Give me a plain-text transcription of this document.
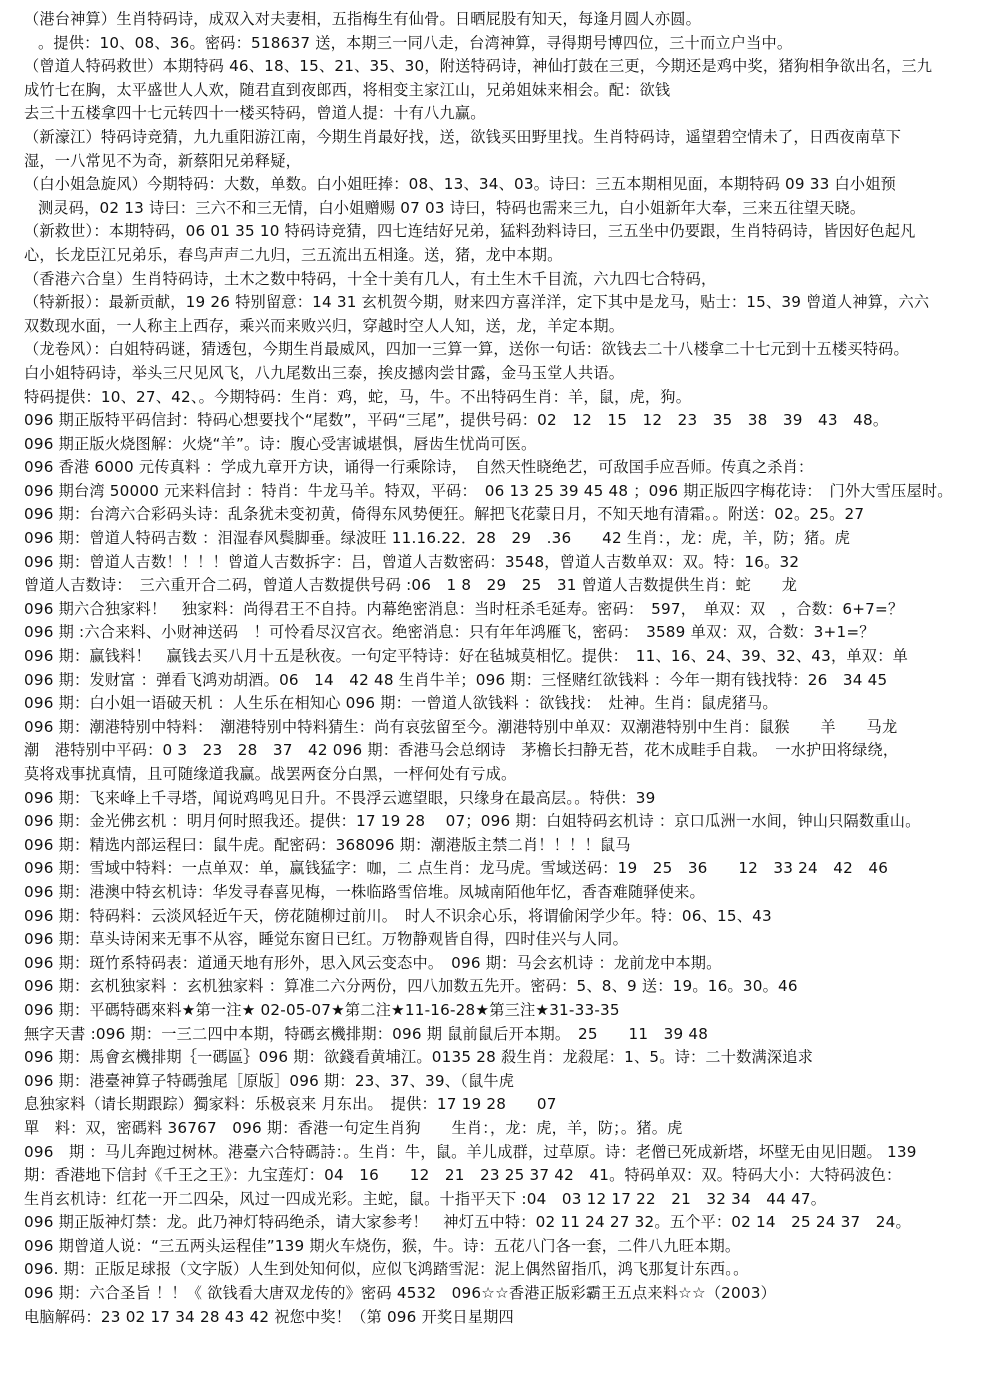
（港台神算）生肖特码诗，成双入对夫妻相，五指梅生有仙骨。日晒屁股有知天，每逢月圆人亦圆。
。提供：10、08、36。密码：518637 送，本期三一同八走，台湾神算，寻得期号博四位，三十而立户当中。
（曾道人特码救世）本期特码 46、18、15、21、35、30，附送特码诗，神仙打鼓在三更，今期还是鸡中奖，猪狗相争欲出名，三九
成竹七在胸，太平盛世人人欢，随君直到夜郎西，将相变主家江山，兄弟姐妹来相会。配：欲钱
去三十五楼拿四十七元转四十一楼买特码，曾道人提：十有八九赢。
（新濠江）特码诗竞猜，九九重阳游江南，今期生肖最好找，送，欲钱买田野里找。生肖特码诗，遥望碧空情未了，日西夜南草下
湿，一八常见不为奇，新蔡阳兄弟释疑，
（白小姐急旋风）今期特码：大数，单数。白小姐旺捧：08、13、34、03。诗曰：三五本期相见面，本期特码 09 33 白小姐预
测灵码，02 13 诗曰：三六不和三无情，白小姐赠赐 07 03 诗曰，特码也需来三九，白小姐新年大奉，三来五往望天晓。
（新救世）：本期特码，06 01 35 10 特码诗竞猜，四七连结好兄弟，猛料劲料诗曰，三五坐中仍要跟，生肖特码诗，皆因好色起凡
心，长龙臣江兄弟乐，春鸟声声二九归，三五流出五相逢。送，猪，龙中本期。
（香港六合皇）生肖特码诗，土木之数中特码，十全十美有几人，有土生木千目流，六九四七合特码，
（特新报）：最新贡献，19 26 特别留意：14 31 玄机贺今期，财来四方喜洋洋，定下其中是龙马，贴士：15、39 曾道人神算，六六
双数现水面，一人称主上西存，乘兴而来败兴归，穿越时空人人知，送，龙，羊定本期。
（龙卷风）：白姐特码谜，猜透包，今期生肖最威风，四加一三算一算，送你一句话：欲钱去二十八楼拿二十七元到十五楼买特码。
白小姐特码诗，举头三尺见风飞，八九尾数出三泰，挨皮撼肉尝甘露，金马玉堂人共语。
特码提供：10、27、42、。今期特码：生肖：鸡，蛇，马，牛。不出特码生肖：羊，鼠，虎，狗。
096 期正版特平码信封：特码心想要找个“尾数”，平码“三尾”，提供号码：02　12　15　12　23　35　38　39　43　48。
096 期正版火烧图解：火烧“羊”。诗：腹心受害诚堪惧，唇齿生忧尚可医。
096 香港 6000 元传真料 ：学成九章开方诀，诵得一行乘除诗，　自然天性晓绝艺，可敌国手应吾师。传真之杀肖：
096 期台湾 50000 元来料信封 ：特肖：牛龙马羊。特双，平码：　06 13 25 39 45 48 ；096 期正版四字梅花诗：　门外大雪压屋时。
096 期：台湾六合彩码头诗：乱条犹未变初黄，倚得东风势便狂。解把飞花蒙日月，不知天地有清霜。。附送：02。25。27
096 期：曾道人特码吉数 ：泪湿春风鬓脚垂。绿波旺 11.16.22．28　29　.36　　42 生肖：，龙：虎，羊，防；猪。虎
096 期：曾道人吉数！！！！曾道人吉数拆字：吕，曾道人吉数密码：3548，曾道人吉数单双：双。特：16。32
曾道人吉数诗：　三六重开合二码，曾道人吉数提供号码 :06　1 8　29　25　31 曾道人吉数提供生肖：蛇　　龙
096 期六合独家料！　独家料：尚得君王不自持。内幕绝密消息：当时枉杀毛延寿。密码：　597，　单双：双　，合数：6+7=？
096 期 :六合来料、小财神送码　！可怜看尽汉宫衣。绝密消息：只有年年鸿雁飞，密码：　3589 单双：双，合数：3+1=？
096 期：赢钱料！　赢钱去买八月十五是秋夜。一句定平特诗：好在毡城莫相忆。提供：　11、16、24、39、32、43，单双：单
096 期：发财富 ：弹看飞鸿劝胡酒。06　14　42 48 生肖牛羊；096 期：三怪赌红欲钱料 ：今年一期有钱找特：26　34 45
096 期：白小姐一语破天机 ：人生乐在相知心 096 期：一曾道人欲钱料 ：欲钱找：　灶神。生肖：鼠虎猪马。
096 期：潮港特别中特料：　潮港特别中特料猜生：尚有哀弦留至今。潮港特别中单双：双潮港特别中生肖：鼠猴　　羊　　马龙
潮　港特别中平码：0 3　23　28　37　42 096 期：香港马会总纲诗　茅檐长扫静无苔，花木成畦手自栽。　一水护田将绿绕，
莫将戏事扰真情，且可随缘道我赢。战罢两奁分白黑，一枰何处有亏成。
096 期：飞来峰上千寻塔，闻说鸡鸣见日升。不畏浮云遮望眼，只缘身在最高层。。特供：39
096 期：金光佛玄机 ：明月何时照我还。提供：17 19 28　 07；096 期：白姐特码玄机诗 ：京口瓜洲一水间，钟山只隔数重山。
096 期：精选内部运程曰：鼠牛虎。配密码：368096 期：潮港版主禁二肖！！！！鼠马
096 期：雪域中特料：一点单双：单，赢钱猛字：咖，二 点生肖：龙马虎。雪域送码：19　25　36　　12　33 24　42　46
096 期：港澳中特玄机诗：华发寻春喜见梅，一株临路雪倍堆。凤城南陌他年忆，香杳难随驿使来。
096 期：特码料：云淡风轻近午天，傍花随柳过前川。　时人不识余心乐，将谓偷闲学少年。特：06、15、43
096 期：草头诗闲来无事不从容，睡觉东窗日已红。万物静观皆自得，四时佳兴与人同。
096 期：斑竹系特码表：道通天地有形外，思入风云变态中。　096 期：马会玄机诗 ：龙前龙中本期。
096 期：玄机独家料 ：玄机独家料 ：算准二六分两份，四八加数五先开。密码：5、8、9 送：19。16。30。46
096 期：平碼特碼來料★第一注★ 02-05-07★第二注★11-16-28★第三注★31-33-35
無字天書 :096 期：一三二四中本期，特碼玄機排期：096 期 鼠前鼠后开本期。　25　　11　39 48
096 期：馬會玄機排期｛一碼區｝096 期：欲錢看黄埔江。0135 28 殺生肖：龙殺尾：1、5。诗：二十数满深追求
096 期：港臺神算子特碼強尾［原版］096 期：23、37、39、（鼠牛虎
息独家料（请长期跟踪）獨家料：乐极哀来 月东出。　提供：17 19 28　　07
單　料：双，密碼料 36767　096 期：香港一句定生肖狗　　生肖：，龙：虎，羊，防；。猪。虎
096　期 ：马儿奔跑过树林。港臺六合特碼詩：。生肖：牛，鼠。羊儿成群，过草原。诗：老僧已死成新塔，坏壁无由见旧题。 139
期：香港地下信封《千王之王》：九宝莲灯：04　16　　12　21　23 25 37 42　41。特码单双：双。特码大小：大特码波色：
生肖玄机诗：红花一开二四朵，风过一四成光彩。主蛇，鼠。十指平天下 :04　03 12 17 22　21　32 34　44 47。
096 期正版神灯禁：龙。此乃神灯特码绝杀，请大家参考！　神灯五中特：02 11 24 27 32。五个平：02 14　25 24 37　24。
096 期曾道人说：“三五两头运程佳”139 期火车烧伤，猴，牛。诗：五花八门各一套，二件八九旺本期。
096. 期：正版足球报（文字版）人生到处知何似，应似飞鸿踏雪泥：泥上偶然留指爪，鸿飞那复计东西。。
096 期：六合圣旨 ！！《 欲钱看大唐双龙传的》密码 4532　096☆☆香港正版彩霸王五点来料☆☆（2003）
电脑解码：23 02 17 34 28 43 42 祝您中奖！（第 096 开奖日星期四
